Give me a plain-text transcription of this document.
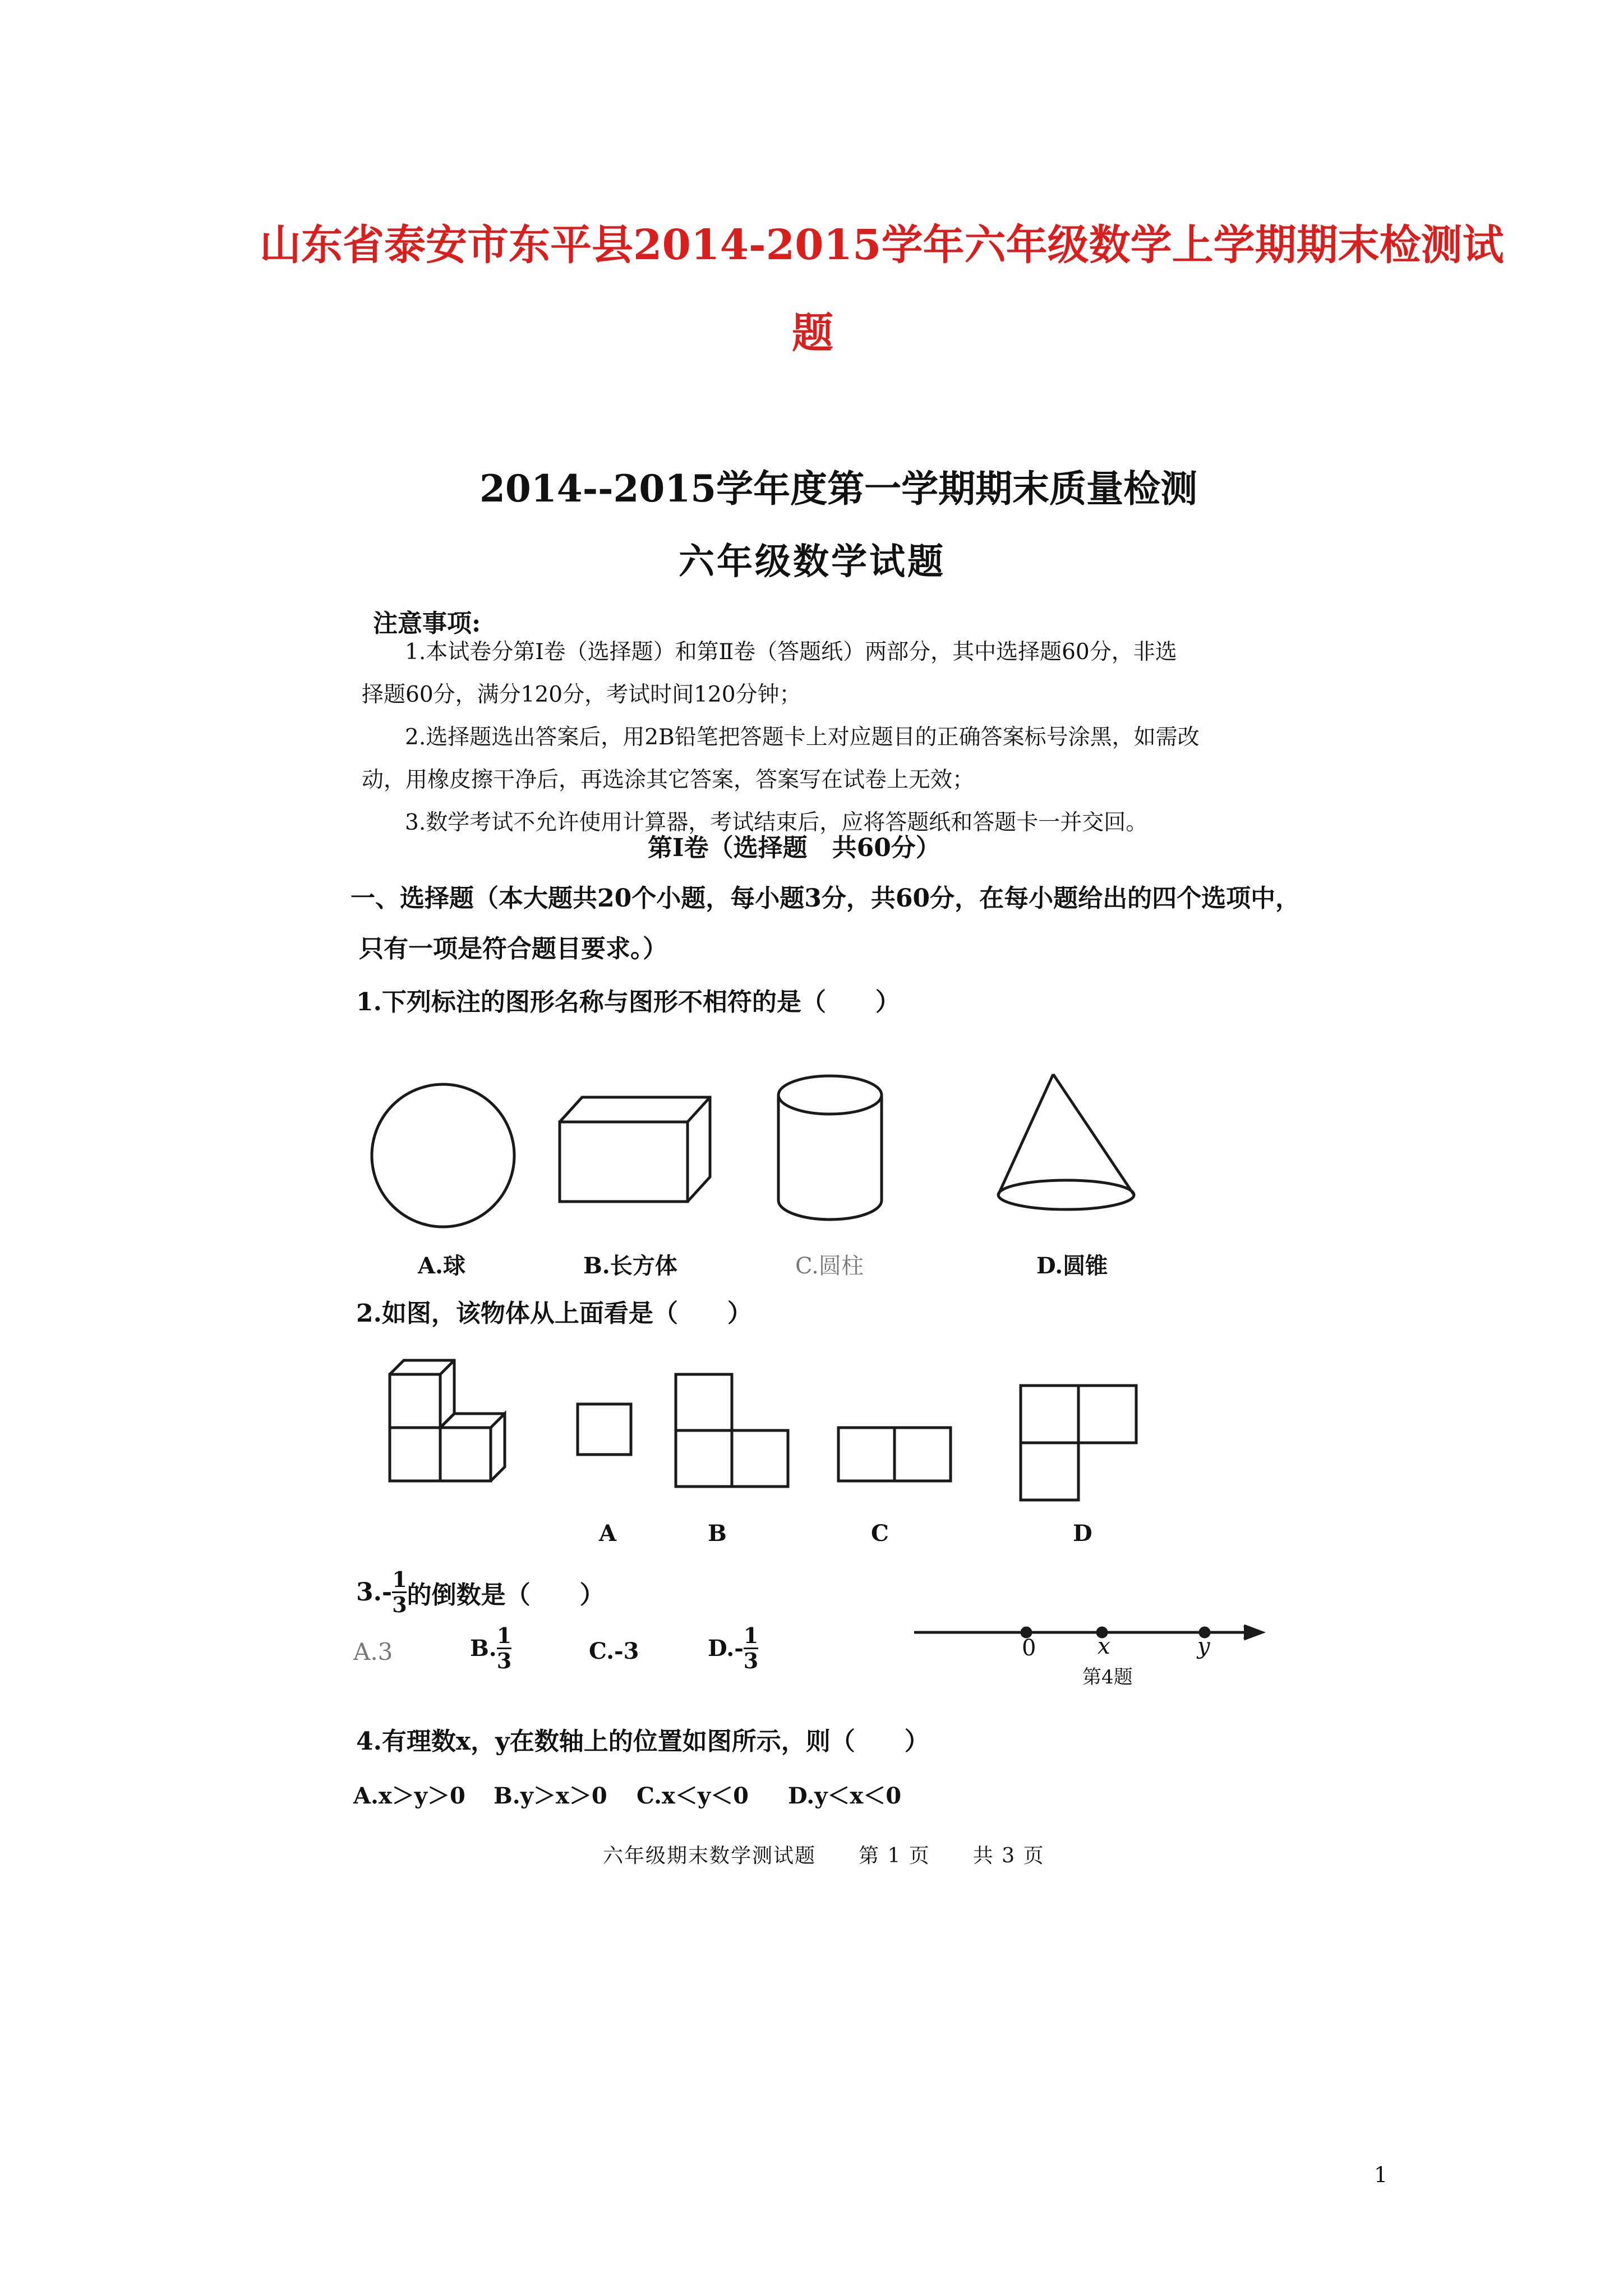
山东省泰安市东平县2014-2015学年六年级数学上学期期末检测试
题
2014--2015学年度第一学期期末质量检测
六年级数学试题
注意事项:
1.本试卷分第Ⅰ卷（选择题）和第Ⅱ卷（答题纸）两部分，其中选择题60分，非选
择题60分，满分120分，考试时间120分钟；
2.选择题选出答案后，用2B铅笔把答题卡上对应题目的正确答案标号涂黑，如需改
动，用橡皮擦干净后，再选涂其它答案，答案写在试卷上无效；
3.数学考试不允许使用计算器，考试结束后，应将答题纸和答题卡一并交回。
第Ⅰ卷（选择题　共60分）
一、选择题（本大题共20个小题，每小题3分，共60分，在每小题给出的四个选项中，
只有一项是符合题目要求。）
1.下列标注的图形名称与图形不相符的是（　　）
A.球	B.长方体	C.圆柱	D.圆锥
2.如图，该物体从上面看是（　　）
A	B	C	D
$3.- \frac{1}{3}$ 的倒数是（　　）
A.3	B. $\frac{1}{3}$	C.-3	$D.- \frac{1}{3}$	0	x	y
第4题
4.有理数x，y在数轴上的位置如图所示，则（　　）
A.x＞y＞0 B.y＞x＞0 C.x＜y＜0 D.y＜x＜0
六年级期末数学测试题　　第 1 页　　共 3 页
1
